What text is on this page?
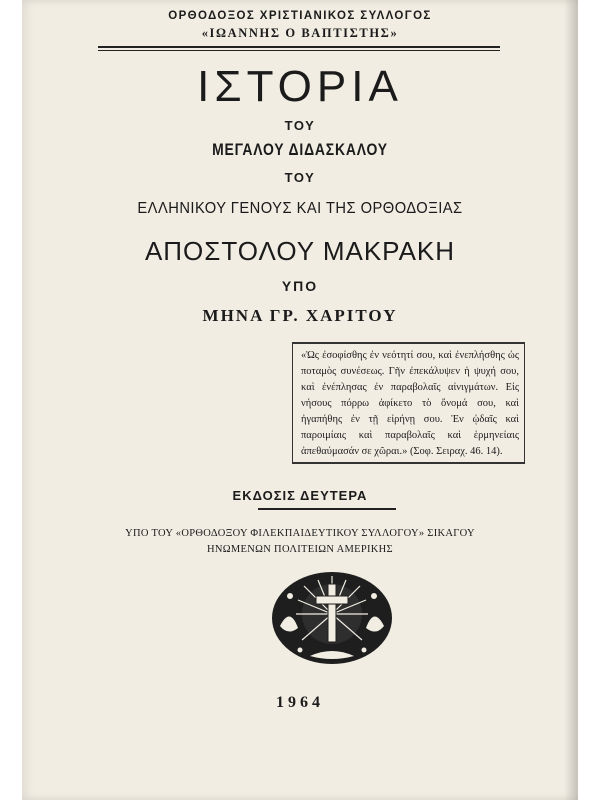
ΟΡΘΟΔΟΞΟΣ ΧΡΙΣΤΙΑΝΙΚΟΣ ΣΥΛΛΟΓΟΣ
«ΙΩΑΝΝΗΣ Ο ΒΑΠΤΙΣΤΗΣ»
ΙΣΤΟΡΙΑ
ΤΟΥ
ΜΕΓΑΛΟΥ ΔΙΔΑΣΚΑΛΟΥ
ΤΟΥ
ΕΛΛΗΝΙΚΟΥ ΓΕΝΟΥΣ ΚΑΙ ΤΗΣ ΟΡΘΟΔΟΞΙΑΣ
ΑΠΟΣΤΟΛΟΥ ΜΑΚΡΑΚΗ
ΥΠΟ
ΜΗΝΑ ΓΡ. ΧΑΡΙΤΟΥ
«Ὡς ἐσοφίσθης ἐν νεότητί σου, καὶ ἐνεπλήσθης ὡς ποταμὸς συνέσεως. Γῆν ἐπεκάλυψεν ἡ ψυχή σου, καὶ ἐνέπλησας ἐν παραβολαῖς αἰνιγμάτων. Εἰς νήσους πόρρω ἀφίκετο τὸ ὄνομά σου, καὶ ἠγαπήθης ἐν τῇ εἰρήνῃ σου. Ἐν ᾠδαῖς καὶ παροιμίαις καὶ παραβολαῖς καὶ ἑρμηνείαις ἀπεθαύμασάν σε χῶραι.» (Σοφ. Σειραχ. 46. 14).
ΕΚΔΟΣΙΣ ΔΕΥΤΕΡΑ
ΥΠΟ ΤΟΥ «ΟΡΘΟΔΟΞΟΥ ΦΙΛΕΚΠΑΙΔΕΥΤΙΚΟΥ ΣΥΛΛΟΓΟΥ» ΣΙΚΑΓΟΥ
ΗΝΩΜΕΝΩΝ ΠΟΛΙΤΕΙΩΝ ΑΜΕΡΙΚΗΣ
1964
